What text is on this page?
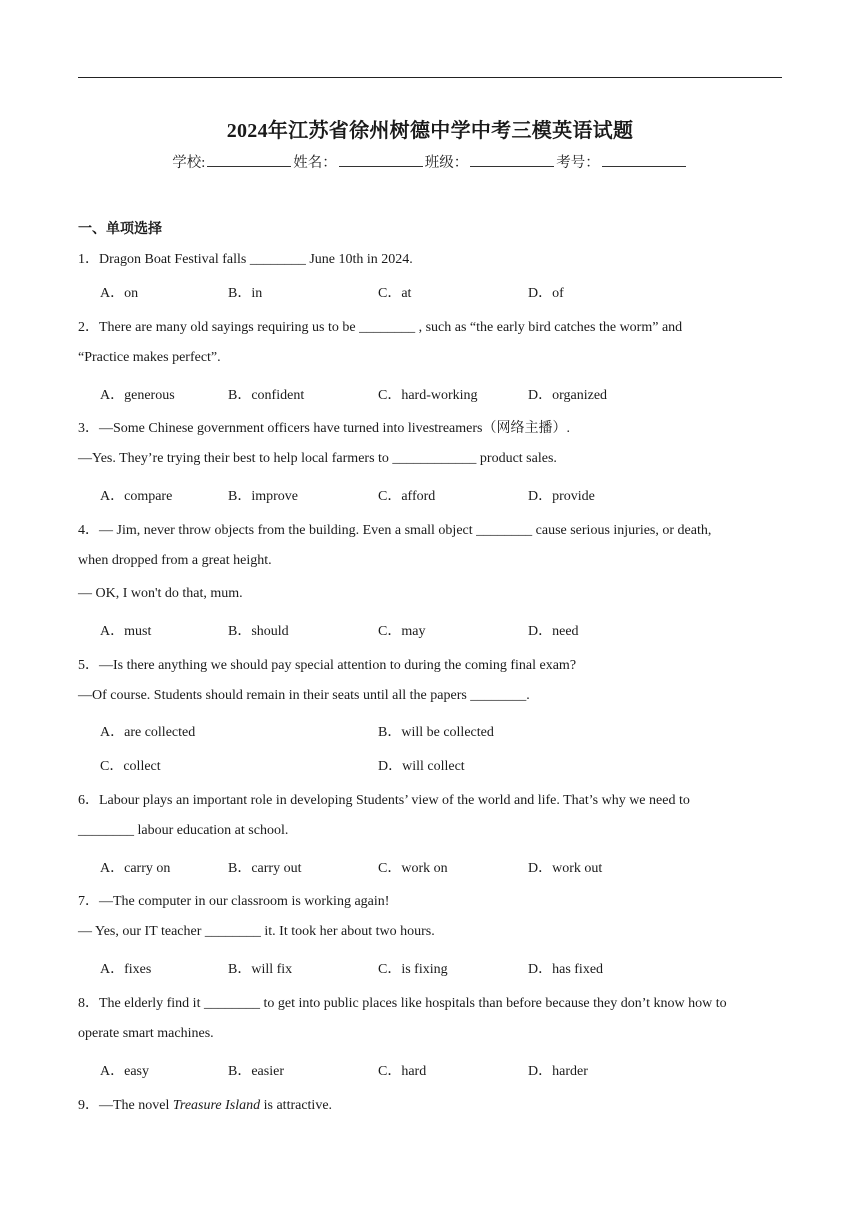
2024年江苏省徐州树德中学中考三模英语试题
学校:	姓名：	班级：	考号：
一、单项选择
1．Dragon Boat Festival falls ________ June 10th in 2024.
A．on	B．in	C．at	D．of
2．There are many old sayings requiring us to be ________ , such as “the early bird catches the worm” and
“Practice makes perfect”.
A．generous	B．confident	C．hard-working	D．organized
3．—Some Chinese government officers have turned into livestreamers（网络主播）.
—Yes. They’re trying their best to help local farmers to ____________ product sales.
A．compare	B．improve	C．afford	D．provide
4．— Jim, never throw objects from the building. Even a small object ________ cause serious injuries, or death,
when dropped from a great height.
— OK, I won't do that, mum.
A．must	B．should	C．may	D．need
5．—Is there anything we should pay special attention to during the coming final exam?
—Of course. Students should remain in their seats until all the papers ________.
A．are collected	B．will be collected
C．collect	D．will collect
6．Labour plays an important role in developing Students’ view of the world and life. That’s why we need to
________ labour education at school.
A．carry on	B．carry out	C．work on	D．work out
7．—The computer in our classroom is working again!
— Yes, our IT teacher ________ it. It took her about two hours.
A．fixes	B．will fix	C．is fixing	D．has fixed
8．The elderly find it ________ to get into public places like hospitals than before because they don’t know how to
operate smart machines.
A．easy	B．easier	C．hard	D．harder
9．—The novel Treasure Island is attractive.
